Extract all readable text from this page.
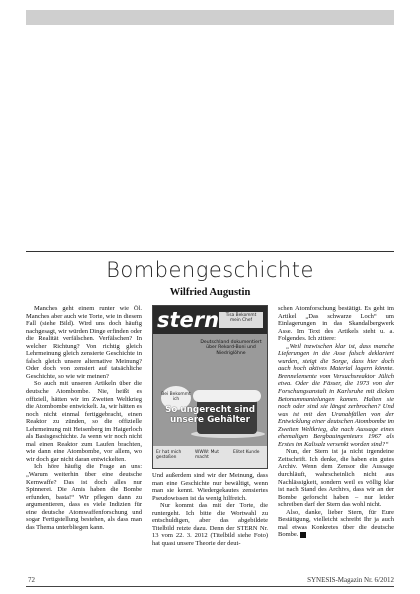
Bombengeschichte
Wilfried Augustin

Manches geht einem runter wie Öl. Manches aber auch wie Torte, wie in diesem Fall (siehe Bild). Wird uns doch häufig nachgesagt, wir würden Dinge erfinden oder die Realität verfälschen. Verfälschen? In welcher Richtung? Von richtig gleich Lehrmeinung gleich zensierte Geschichte in falsch gleich unsere alternative Meinung? Oder doch von zensiert auf tatsächliche Geschichte, so wie wir meinen?

So auch mit unseren Artikeln über die deutsche Atombombe. Nie, heißt es offiziell, hätten wir im Zweiten Weltkrieg die Atombombe entwickelt. Ja, wir hätten es noch nicht einmal fertiggebracht, einen Reaktor zu zünden, so die offizielle Lehrmeinung mit Heisenberg im Haigerloch als Basisgeschichte. Ja wenn wir noch nicht mal einen Reaktor zum Laufen brachten, wie dann eine Atombombe, vor allem, wo wir doch gar nicht daran entwickelten.

Ich höre häufig die Frage an uns: „Warum weiterhin über eine deutsche Kernwaffe? Das ist doch alles nur Spinnerei. Die Amis haben die Bombe erfunden, basta!“ Wir pflegen dann zu argumentieren, dass es viele Indizien für eine deutsche Atomwaffenforschung und sogar Fertigstellung bestehen, als dass man das Thema unterbliegen kann.

stern	Tisa Bekommt mein Chef
Deutschland dokumentiert über Rekord-Boni und Niedriglöhne
Bei Bekommt ich
So ungerecht sind unsere Gehälter
Er hat mich gestoßen
WWW: Mut macht
Elitet Kunde

Und außerdem sind wir der Meinung, dass man eine Geschichte nur bewältigt, wenn man sie kennt. Wiedergekautes zensiertes Pseudowissen ist da wenig hilfreich.

Nur kommt das mit der Torte, die runtergeht. Ich bitte die Wortwahl zu entschuldigen, aber das abgebildete Titelbild reizte dazu. Denn der STERN Nr. 13 vom 22. 3. 2012 (Titelbild siehe Foto) hat quasi unsere Theorie der deut-

schen Atomforschung bestätigt. Es geht im Artikel „Das schwarze Loch“ um Einlagerungen in das Skandalbergwerk Asse. Im Text des Artikels steht u. a. Folgendes. Ich zitiere:

„Weil inzwischen klar ist, dass manche Lieferungen in die Asse falsch deklariert wurden, steigt die Sorge, dass hier doch auch hoch aktives Material lagern könnte. Brennelemente vom Versuchsreaktor Jülich etwa. Oder die Fässer, die 1973 von der Forschungsanstalt in Karlsruhe mit dicken Betonummantelungen kamen. Halten sie noch oder sind sie längst zerbrochen? Und was ist mit den Uranabfällen von der Entwicklung einer deutschen Atombombe im Zweiten Weltkrieg, die nach Aussage eines ehemaligen Bergbauingenieurs 1967 als Erstes im Kalisalz versenkt worden sind?“

Nun, der Stern ist ja nicht irgendeine Zeitschrift. Ich denke, die haben ein gutes Archiv. Wenn dem Zensor die Aussage durchläuft, wahrscheinlich nicht aus Nachlässigkeit, sondern weil es völlig klar ist nach Stand des Archivs, dass wir an der Bombe geforscht haben – nur leider schreiben darf der Stern das wohl nicht.

Also, danke, lieber Stern, für Eure Bestätigung, vielleicht schreibt Ihr ja auch mal etwas Konkretes über die deutsche Bombe.

72	SYNESIS-Magazin Nr. 6/2012
